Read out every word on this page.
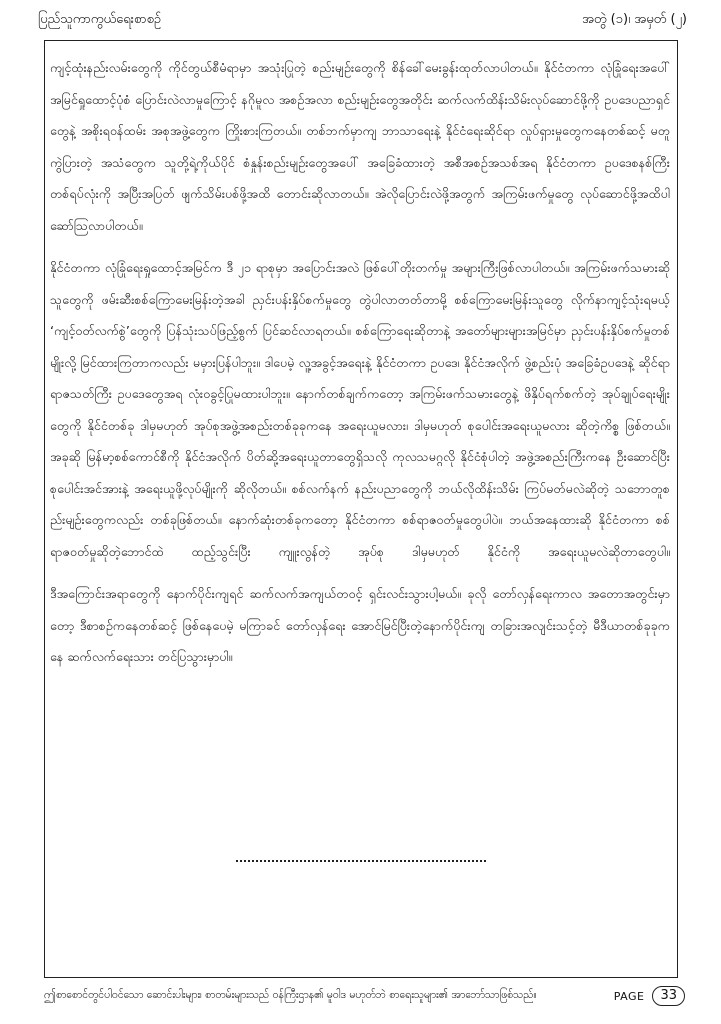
ပြည်သူကာကွယ်ရေးစာစဥ်	အတွဲ (၁)၊ အမှတ် (၂)

ကျင့်ထုံးနည်းလမ်းတွေကို ကိုင်တွယ်စီမံရာမှာ အသုံးပြုတဲ့ စည်းမျဥ်းတွေကို စိန်ခေါ်မေးခွန်းထုတ်လာပါတယ်။ နိုင်ငံတကာ လုံခြုံရေးအပေါ် အမြင်ရှုထောင့်ပုံစံ ပြောင်းလဲလာမှုကြောင့် နဂိုမူလ အစဉ်အလာ စည်းမျဥ်းတွေအတိုင်း ဆက်လက်ထိန်းသိမ်းလုပ်ဆောင်ဖို့ကို ဥပဒေပညာရှင်တွေနဲ့ အစိုးရဝန်ထမ်း အစုအဖွဲ့တွေက ကြိုးစားကြတယ်။ တစ်ဘက်မှာကျ ဘာသာရေးနဲ့ နိုင်ငံရေးဆိုင်ရာ လှုပ်ရှားမှုတွေကနေတစ်ဆင့် မတူကွဲပြားတဲ့ အသံတွေက သူတို့ရဲ့ကိုယ်ပိုင် စံနှုန်းစည်းမျဥ်းတွေအပေါ် အခြေခံထားတဲ့ အစီအစဉ်အသစ်အရ နိုင်ငံတကာ ဥပဒေစနစ်ကြီးတစ်ရပ်လုံးကို အပြီးအပြတ် ဖျက်သိမ်းပစ်ဖို့အထိ တောင်းဆိုလာတယ်။ အဲလိုပြောင်းလဲဖို့အတွက် အကြမ်းဖက်မှုတွေ လုပ်ဆောင်ဖို့အထိပါ ဆော်ဩလာပါတယ်။

နိုင်ငံတကာ လုံခြုံရေးရှုထောင့်အမြင်က ဒီ ၂၁ ရာစုမှာ အပြောင်းအလဲ ဖြစ်ပေါ်တိုးတက်မှု အများကြီးဖြစ်လာပါတယ်။ အကြမ်းဖက်သမားဆိုသူတွေကို ဖမ်းဆီးစစ်ကြောမေးမြန်းတဲ့အခါ ညှင်းပန်းနှိပ်စက်မှုတွေ တွဲပါလာတတ်တာမို့ စစ်ကြောမေးမြန်းသူတွေ လိုက်နာကျင့်သုံးရမယ့် ‘ကျင့်ဝတ်လက်စွဲ’တွေကို ပြန်သုံးသပ်ဖြည့်စွက် ပြင်ဆင်လာရတယ်။ စစ်ကြောရေးဆိုတာနဲ့ အတော်များများအမြင်မှာ ညှင်းပန်းနှိပ်စက်မှုတစ်မျိုးလို့ မြင်ထားကြတာကလည်း မမှားပြန်ပါဘူး။ ဒါပေမဲ့ လူ့အခွင့်အရေးနဲ့ နိုင်ငံတကာ ဥပဒေ၊ နိုင်ငံအလိုက် ဖွဲ့စည်းပုံ အခြေခံဥပဒေနဲ့ ဆိုင်ရာရာဇသတ်ကြီး ဥပဒေတွေအရ လုံးဝခွင့်ပြုမထားပါဘူး။ နောက်တစ်ချက်ကတော့ အကြမ်းဖက်သမားတွေနဲ့ ဖိနှိပ်ရက်စက်တဲ့ အုပ်ချုပ်ရေးမျိုးတွေကို နိုင်ငံတစ်ခု ဒါမှမဟုတ် အုပ်စုအဖွဲ့အစည်းတစ်ခုခုကနေ အရေးယူမလား၊ ဒါမှမဟုတ် စုပေါင်းအရေးယူမလား ဆိုတဲ့ကိစ္စ ဖြစ်တယ်။ အခုဆို မြန်မာ့စစ်ကောင်စီကို နိုင်ငံအလိုက် ပိတ်ဆို့အရေးယူတာတွေရှိသလို ကုလသမဂ္ဂလို နိုင်ငံစုံပါတဲ့ အဖွဲ့အစည်းကြီးကနေ ဦးဆောင်ပြီး စုပေါင်းအင်အားနဲ့ အရေးယူဖို့လုပ်မျိုးကို ဆိုလိုတယ်။ စစ်လက်နက် နည်းပညာတွေကို ဘယ်လိုထိန်းသိမ်း ကြပ်မတ်မလဲဆိုတဲ့ သဘောတူစည်းမျဥ်းတွေကလည်း တစ်ခုဖြစ်တယ်။ နောက်ဆုံးတစ်ခုကတော့ နိုင်ငံတကာ စစ်ရာဇဝတ်မှုတွေပါပဲ။ ဘယ်အနေထားဆို နိုင်ငံတကာ စစ်ရာဇဝတ်မှုဆိုတဲ့ဘောင်ထဲ ထည့်သွင်းပြီး ကျူးလွန်တဲ့ အုပ်စု ဒါမှမဟုတ် နိုင်ငံကို အရေးယူမလဲဆိုတာတွေပါ။

ဒီအကြောင်းအရာတွေကို နောက်ပိုင်းကျရင် ဆက်လက်အကျယ်တဝင့် ရှင်းလင်းသွားပါ့မယ်။ ခုလို တော်လှန်ရေးကာလ အတောအတွင်းမှာတော့ ဒီစာစဥ်ကနေတစ်ဆင့် ဖြစ်နေပေမဲ့ မကြာခင် တော်လှန်ရေး အောင်မြင်ပြီးတဲ့နောက်ပိုင်းကျ တခြားအလျင်းသင့်တဲ့ မီဒီယာတစ်ခုခုကနေ ဆက်လက်ရေးသား တင်ပြသွားမှာပါ။

ဤစာစောင်တွင်ပါဝင်သော ဆောင်းပါးများ၊ စာတမ်းများသည် ဝန်ကြီးဌာန၏ မူဝါဒ မဟုတ်ဘဲ စာရေးသူများ၏ အာဘော်သာဖြစ်သည်။	PAGE	33
